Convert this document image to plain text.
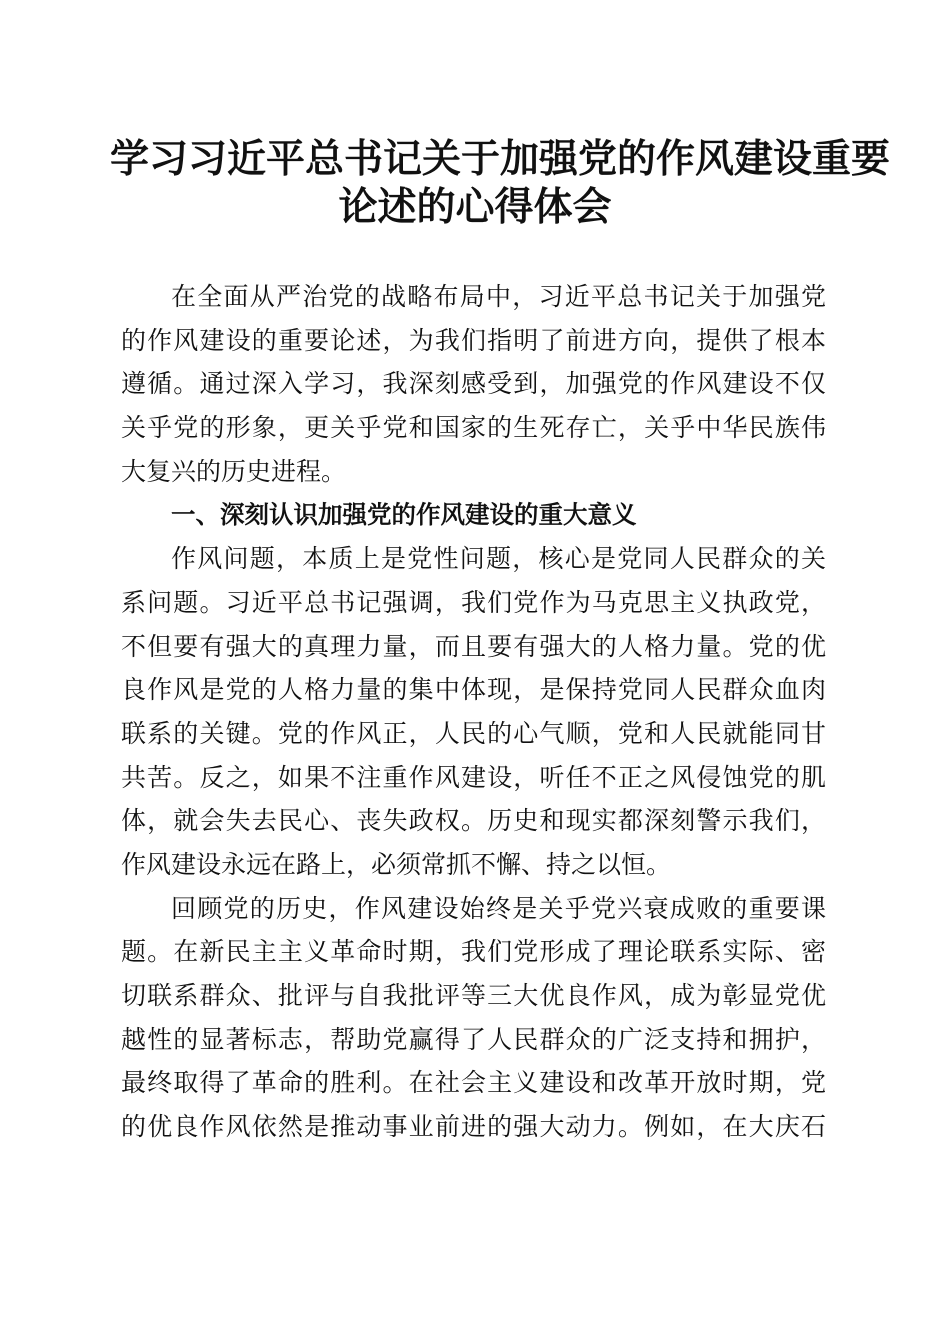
学习习近平总书记关于加强党的作风建设重要
论述的心得体会
在全面从严治党的战略布局中，习近平总书记关于加强党
的作风建设的重要论述，为我们指明了前进方向，提供了根本
遵循。通过深入学习，我深刻感受到，加强党的作风建设不仅
关乎党的形象，更关乎党和国家的生死存亡，关乎中华民族伟
大复兴的历史进程。
一、深刻认识加强党的作风建设的重大意义
作风问题，本质上是党性问题，核心是党同人民群众的关
系问题。习近平总书记强调，我们党作为马克思主义执政党，
不但要有强大的真理力量，而且要有强大的人格力量。党的优
良作风是党的人格力量的集中体现，是保持党同人民群众血肉
联系的关键。党的作风正，人民的心气顺，党和人民就能同甘
共苦。反之，如果不注重作风建设，听任不正之风侵蚀党的肌
体，就会失去民心、丧失政权。历史和现实都深刻警示我们，
作风建设永远在路上，必须常抓不懈、持之以恒。
回顾党的历史，作风建设始终是关乎党兴衰成败的重要课
题。在新民主主义革命时期，我们党形成了理论联系实际、密
切联系群众、批评与自我批评等三大优良作风，成为彰显党优
越性的显著标志，帮助党赢得了人民群众的广泛支持和拥护，
最终取得了革命的胜利。在社会主义建设和改革开放时期，党
的优良作风依然是推动事业前进的强大动力。例如，在大庆石
